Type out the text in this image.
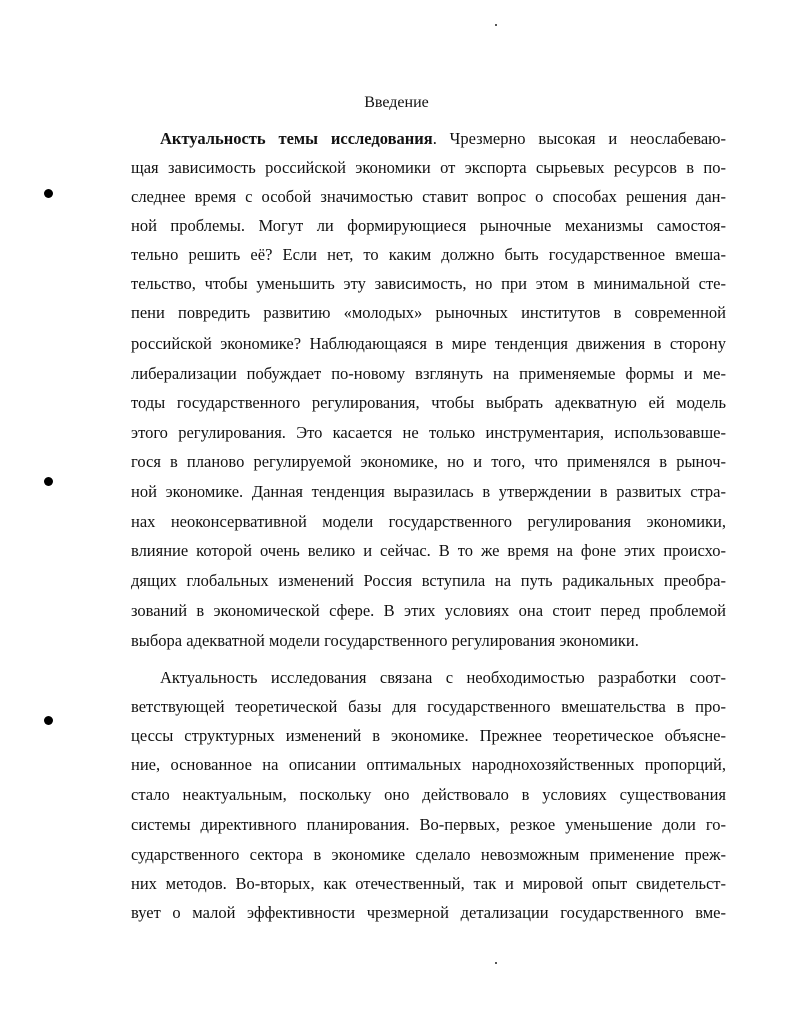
Введение
Актуальность темы исследования. Чрезмерно высокая и неослабеваю-
щая зависимость российской экономики от экспорта сырьевых ресурсов в по-
следнее время с особой значимостью ставит вопрос о способах решения дан-
ной проблемы. Могут ли формирующиеся рыночные механизмы самостоя-
тельно решить её? Если нет, то каким должно быть государственное вмеша-
тельство, чтобы уменьшить эту зависимость, но при этом в минимальной сте-
пени повредить развитию «молодых» рыночных институтов в современной
российской экономике? Наблюдающаяся в мире тенденция движения в сторону
либерализации побуждает по-новому взглянуть на применяемые формы и ме-
тоды государственного регулирования, чтобы выбрать адекватную ей модель
этого регулирования. Это касается не только инструментария, использовавше-
гося в планово регулируемой экономике, но и того, что применялся в рыноч-
ной экономике. Данная тенденция выразилась в утверждении в развитых стра-
нах неоконсервативной модели государственного регулирования экономики,
влияние которой очень велико и сейчас. В то же время на фоне этих происхо-
дящих глобальных изменений Россия вступила на путь радикальных преобра-
зований в экономической сфере. В этих условиях она стоит перед проблемой
выбора адекватной модели государственного регулирования экономики.
Актуальность исследования связана с необходимостью разработки соот-
ветствующей теоретической базы для государственного вмешательства в про-
цессы структурных изменений в экономике. Прежнее теоретическое объясне-
ние, основанное на описании оптимальных народнохозяйственных пропорций,
стало неактуальным, поскольку оно действовало в условиях существования
системы директивного планирования. Во-первых, резкое уменьшение доли го-
сударственного сектора в экономике сделало невозможным применение преж-
них методов. Во-вторых, как отечественный, так и мировой опыт свидетельст-
вует о малой эффективности чрезмерной детализации государственного вме-
